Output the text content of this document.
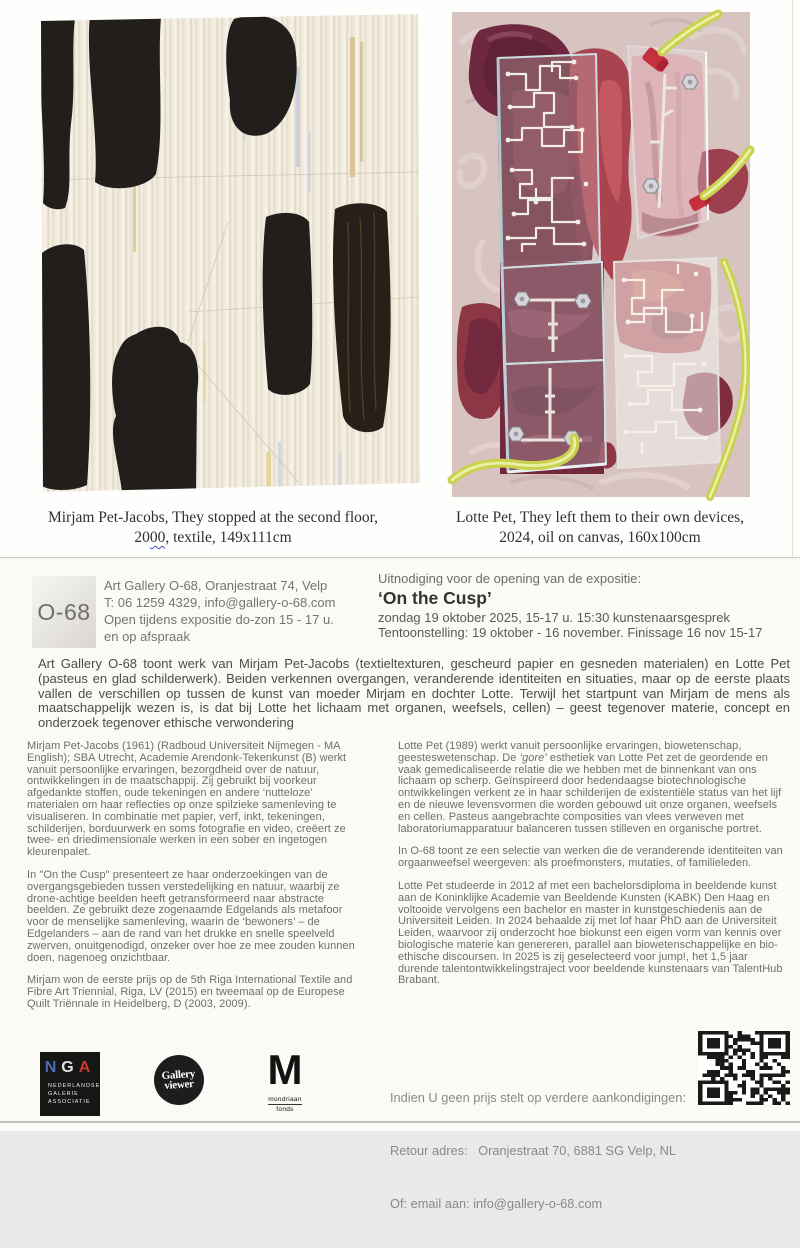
Mirjam Pet-Jacobs, They stopped at the second floor,
2000, textile, 149x111cm
Lotte Pet, They left them to their own devices,
2024, oil on canvas, 160x100cm
O-68
Art Gallery O-68, Oranjestraat 74, Velp
T: 06 1259 4329, info@gallery-o-68.com
Open tijdens expositie do-zon 15 - 17 u.
en op afspraak
Uitnodiging voor de opening van de expositie:
‘On the Cusp’
zondag 19 oktober 2025, 15-17 u. 15:30 kunstenaarsgesprek
Tentoonstelling: 19 oktober - 16 november. Finissage 16 nov 15-17
Art Gallery O-68 toont werk van Mirjam Pet-Jacobs (textieltexturen, gescheurd papier en gesneden materialen) en Lotte Pet (pasteus en glad schilderwerk). Beiden verkennen overgangen, veranderende identiteiten en situaties, maar op de eerste plaats vallen de verschillen op tussen de kunst van moeder Mirjam en dochter Lotte. Terwijl het startpunt van Mirjam de mens als maatschappelijk wezen is, is dat bij Lotte het lichaam met organen, weefsels, cellen) – geest tegenover materie, concept en onderzoek tegenover ethische verwondering

Mirjam Pet-Jacobs (1961) (Radboud Universiteit Nijmegen - MA English); SBA Utrecht, Academie Arendonk-Tekenkunst (B) werkt vanuit persoonlijke ervaringen, bezorgdheid over de natuur, ontwikkelingen in de maatschappij. Zij gebruikt bij voorkeur afgedankte stoffen, oude tekeningen en andere ‘nutteloze’ materialen om haar reflecties op onze spilzieke samenleving te visualiseren. In combinatie met papier, verf, inkt, tekeningen, schilderijen, borduurwerk en soms fotografie en video, creëert ze twee- en driedimensionale werken in een sober en ingetogen kleurenpalet.

In "On the Cusp" presenteert ze haar onderzoekingen van de overgangsgebieden tussen verstedelijking en natuur, waarbij ze drone-achtige beelden heeft getransformeerd naar abstracte beelden. Ze gebruikt deze zogenaamde Edgelands als metafoor voor de menselijke samenleving, waarin de ‘bewoners’ – de Edgelanders – aan de rand van het drukke en snelle speelveld zwerven, onuitgenodigd, onzeker over hoe ze mee zouden kunnen doen, nagenoeg onzichtbaar.

Mirjam won de eerste prijs op de 5th Riga International Textile and Fibre Art Triennial, Riga, LV (2015) en tweemaal op de Europese Quilt Triënnale in Heidelberg, D (2003, 2009).

Lotte Pet (1989) werkt vanuit persoonlijke ervaringen, biowetenschap, geesteswetenschap. De ‘gore’ esthetiek van Lotte Pet zet de geordende en vaak gemedicaliseerde relatie die we hebben met de binnenkant van ons lichaam op scherp. Geïnspireerd door hedendaagse biotechnologische ontwikkelingen verkent ze in haar schilderijen de existentiële status van het lijf en de nieuwe levensvormen die worden gebouwd uit onze organen, weefsels en cellen. Pasteus aangebrachte composities van vlees verweven met laboratoriumapparatuur balanceren tussen stilleven en organische portret.

In O-68 toont ze een selectie van werken die de veranderende identiteiten van orgaanweefsel weergeven: als proefmonsters, mutaties, of familieleden.

Lotte Pet studeerde in 2012 af met een bachelorsdiploma in beeldende kunst aan de Koninklijke Academie van Beeldende Kunsten (KABK) Den Haag en voltooide vervolgens een bachelor en master in kunstgeschiedenis aan de Universiteit Leiden. In 2024 behaalde zij met lof haar PhD aan de Universiteit Leiden, waarvoor zij onderzocht hoe biokunst een eigen vorm van kennis over biologische materie kan genereren, parallel aan biowetenschappelijke en bio-ethische discoursen. In 2025 is zij geselecteerd voor jump!, het 1,5 jaar durende talentontwikkelingstraject voor beeldende kunstenaars van TalentHub Brabant.

NGA
NEDERLANDSE
GALERIE
ASSOCIATIE
Gallery
viewer M
mondriaan
fonds

Indien U geen prijs stelt op verdere aankondigingen:

Retour adres:   Oranjestraat 70, 6881 SG Velp, NL

Of: email aan: info@gallery-o-68.com
